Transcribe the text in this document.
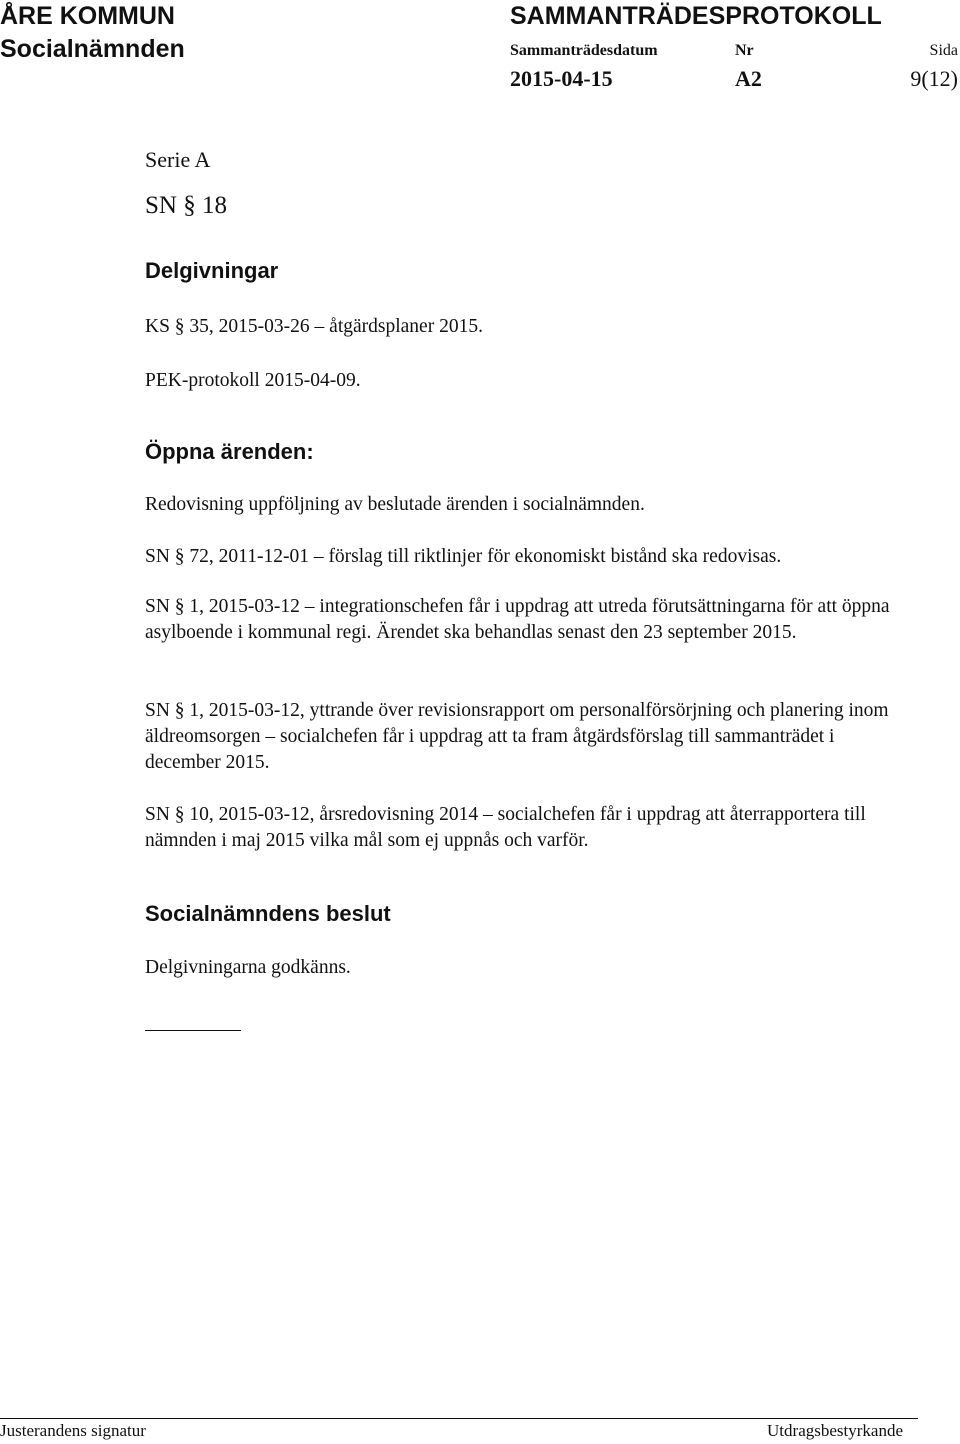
ÅRE KOMMUN
Socialnämnden
SAMMANTRÄDESPROTOKOLL
Sammanträdesdatum	Nr	Sida
2015-04-15	A2	9(12)
Serie A
SN § 18
Delgivningar

KS § 35, 2015-03-26 – åtgärdsplaner 2015.

PEK-protokoll 2015-04-09.

Öppna ärenden:

Redovisning uppföljning av beslutade ärenden i socialnämnden.

SN § 72, 2011-12-01 – förslag till riktlinjer för ekonomiskt bistånd ska redovisas.

SN § 1, 2015-03-12 – integrationschefen får i uppdrag att utreda förutsättningarna för att öppna asylboende i kommunal regi. Ärendet ska behandlas senast den 23 september 2015.

SN § 1, 2015-03-12, yttrande över revisionsrapport om personalförsörjning och planering inom äldreomsorgen – socialchefen får i uppdrag att ta fram åtgärdsförslag till sammanträdet i december 2015.

SN § 10, 2015-03-12, årsredovisning 2014 – socialchefen får i uppdrag att återrapportera till nämnden i maj 2015 vilka mål som ej uppnås och varför.

Socialnämndens beslut

Delgivningarna godkänns.

Justerandens signatur	Utdragsbestyrkande
